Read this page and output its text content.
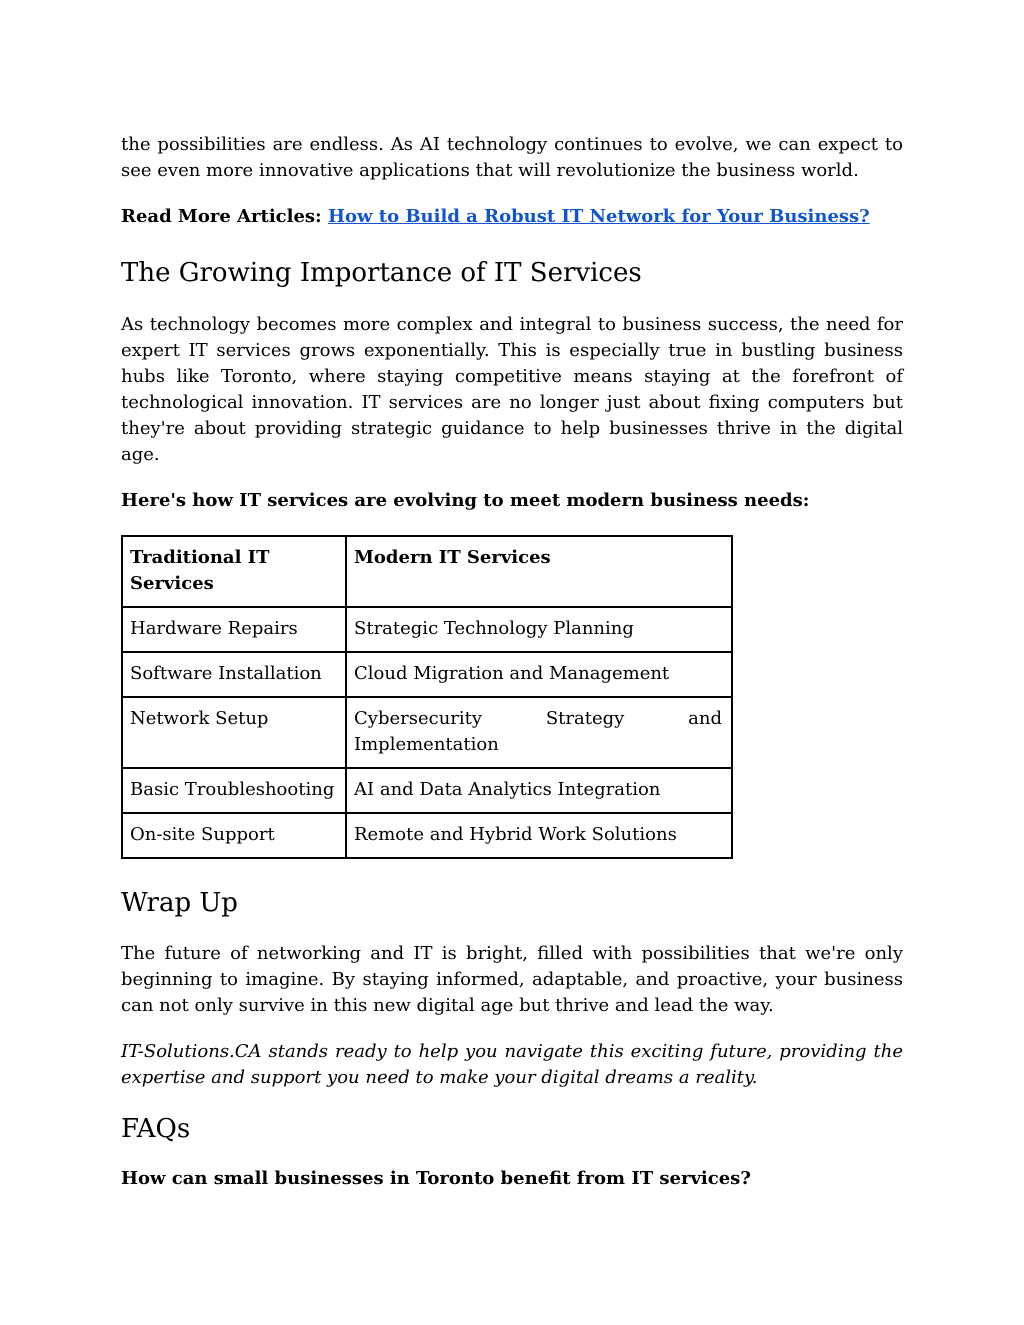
the possibilities are endless. As AI technology continues to evolve, we can expect to see even more innovative applications that will revolutionize the business world.

Read More Articles: How to Build a Robust IT Network for Your Business?

The Growing Importance of IT Services

As technology becomes more complex and integral to business success, the need for expert IT services grows exponentially. This is especially true in bustling business hubs like Toronto, where staying competitive means staying at the forefront of technological innovation. IT services are no longer just about fixing computers but they're about providing strategic guidance to help businesses thrive in the digital age.

Here's how IT services are evolving to meet modern business needs:

Traditional IT Services	Modern IT Services
Hardware Repairs	Strategic Technology Planning
Software Installation	Cloud Migration and Management
Network Setup	Cybersecurity Strategy and Implementation
Basic Troubleshooting	AI and Data Analytics Integration
On-site Support	Remote and Hybrid Work Solutions
Wrap Up

The future of networking and IT is bright, filled with possibilities that we're only beginning to imagine. By staying informed, adaptable, and proactive, your business can not only survive in this new digital age but thrive and lead the way.

IT-Solutions.CA stands ready to help you navigate this exciting future, providing the expertise and support you need to make your digital dreams a reality.

FAQs

How can small businesses in Toronto benefit from IT services?
